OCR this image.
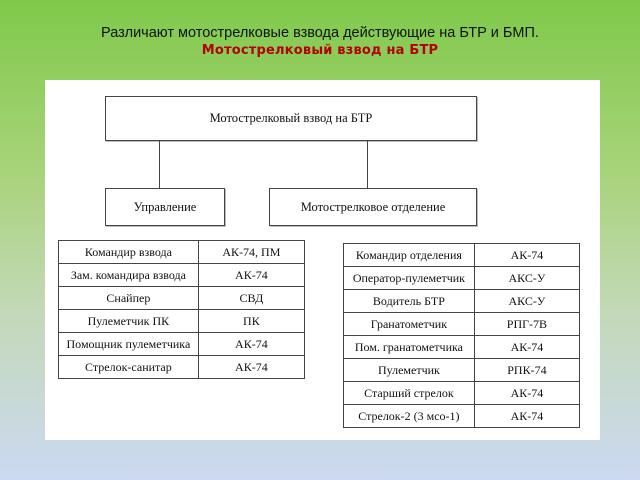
Различают мотострелковые взвода действующие на БТР и БМП.
Мотострелковый взвод на БТР
Мотострелковый взвод на БТР
Управление	Мотострелковое отделение
Командир взвода	АК-74, ПМ
Зам. командира взвода	АК-74
Снайпер	СВД
Пулеметчик ПК	ПК
Помощник пулеметчика	АК-74
Стрелок-санитар	АК-74
Командир отделения	АК-74
Оператор-пулеметчик	АКС-У
Водитель БТР	АКС-У
Гранатометчик	РПГ-7В
Пом. гранатометчика	АК-74
Пулеметчик	РПК-74
Старший стрелок	АК-74
Стрелок-2 (3 мсо-1)	АК-74
